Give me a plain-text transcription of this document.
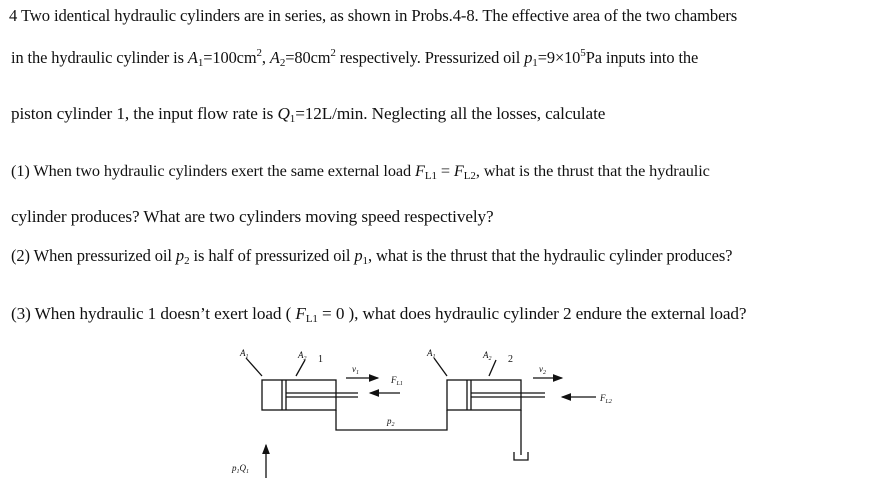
4 Two identical hydraulic cylinders are in series, as shown in Probs.4-8. The effective area of the two chambers
in the hydraulic cylinder is $A_1=100cm^2$, $A_2=80cm^2$ respectively. Pressurized oil $p_1=9\times 10^5Pa$ inputs into the
piston cylinder 1, the input flow rate is $Q_1=12L/\min$. Neglecting all the losses, calculate
(1) When two hydraulic cylinders exert the same external load $F_{L1} = F_{L2}$, what is the thrust that the hydraulic
cylinder produces? What are two cylinders moving speed respectively?
(2) When pressurized oil $p_2$ is half of pressurized oil $p_1$, what is the thrust that the hydraulic cylinder produces?
(3) When hydraulic 1 doesn’t exert load ( $F_{L1} = 0$ ), what does hydraulic cylinder 2 endure the external load?
$A_1$	$A_2$ 1
$v_1$
$F_{L1}$
$A_1$	$A_2$ 2
$v_2$
$F_{L2}$
$p_2$
$p_1Q_1$
